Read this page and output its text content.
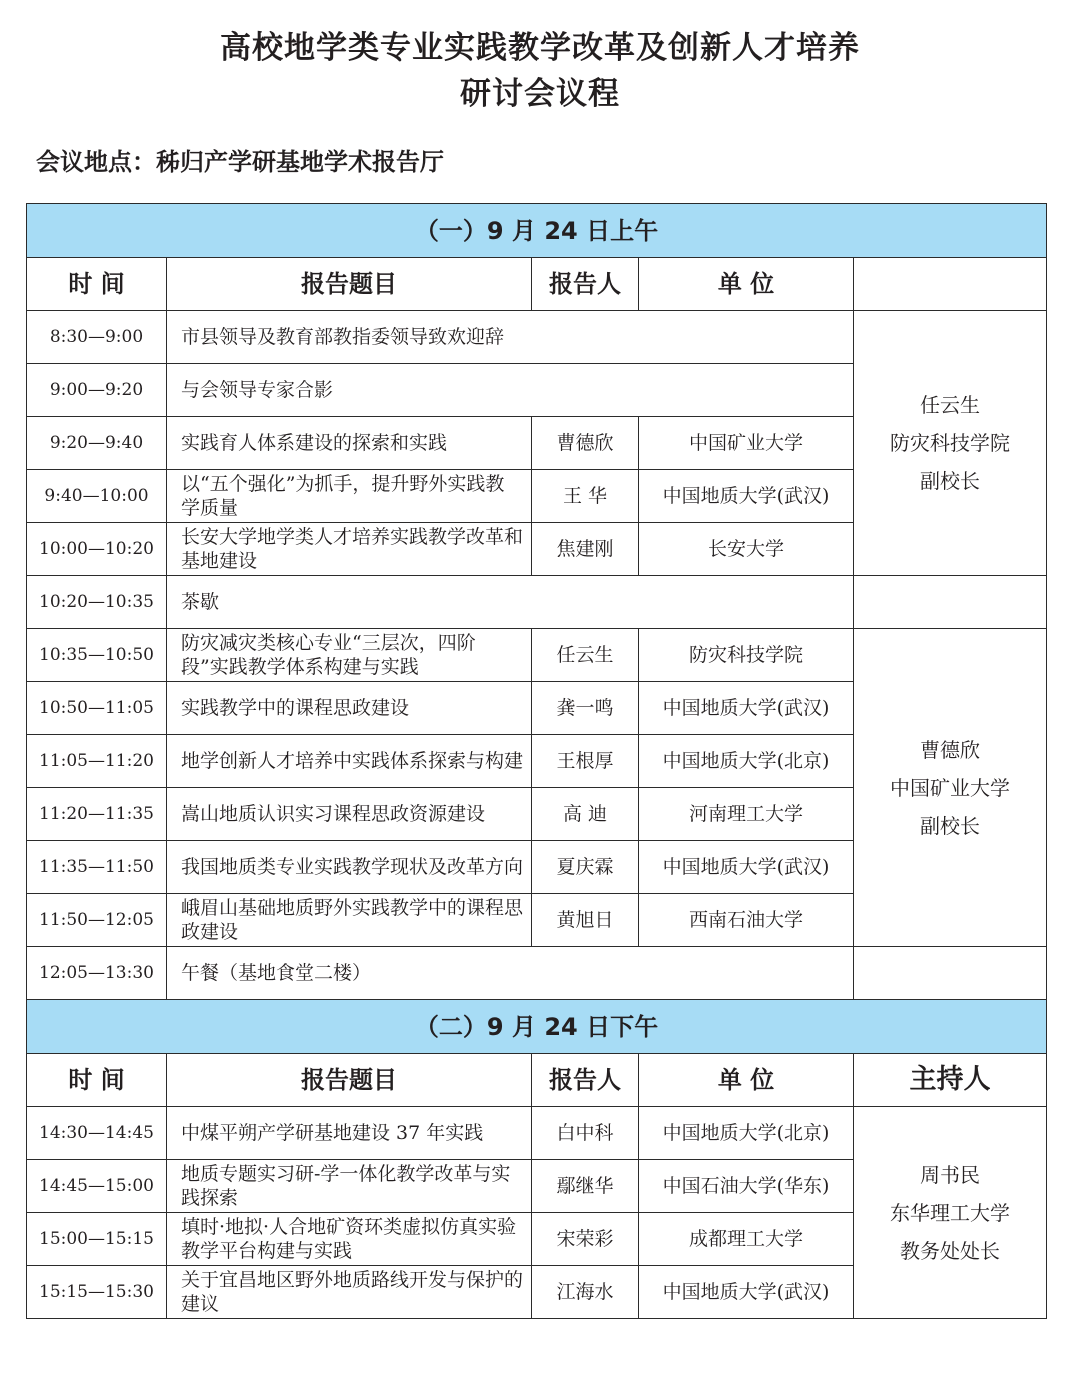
高校地学类专业实践教学改革及创新人才培养
研讨会议程
会议地点：秭归产学研基地学术报告厅
（一）9 月 24 日上午				
时 间	报告题目	报告人	单 位	
8:30—9:00	市县领导及教育部教指委领导致欢迎辞			任云生
防灾科技学院
副校长

9:00—9:20	与会领导专家合影			
9:20—9:40	实践育人体系建设的探索和实践	曹德欣	中国矿业大学	
9:40—10:00	以“五个强化”为抓手，提升野外实践教学质量	王 华	中国地质大学(武汉)	
10:00—10:20	长安大学地学类人才培养实践教学改革和基地建设	焦建刚	长安大学	
10:20—10:35	茶歇			
10:35—10:50	防灾减灾类核心专业“三层次，四阶段”实践教学体系构建与实践	任云生	防灾科技学院	曹德欣
中国矿业大学
副校长

10:50—11:05	实践教学中的课程思政建设	龚一鸣	中国地质大学(武汉)	
11:05—11:20	地学创新人才培养中实践体系探索与构建	王根厚	中国地质大学(北京)	
11:20—11:35	嵩山地质认识实习课程思政资源建设	高 迪	河南理工大学	
11:35—11:50	我国地质类专业实践教学现状及改革方向	夏庆霖	中国地质大学(武汉)	
11:50—12:05	峨眉山基础地质野外实践教学中的课程思政建设	黄旭日	西南石油大学	
12:05—13:30	午餐（基地食堂二楼）			
（二）9 月 24 日下午				
时 间	报告题目	报告人	单 位	主持人
14:30—14:45	中煤平朔产学研基地建设 37 年实践	白中科	中国地质大学(北京)	周书民
东华理工大学
教务处处长

14:45—15:00	地质专题实习研-学一体化教学改革与实践探索	鄢继华	中国石油大学(华东)	
15:00—15:15	填时·地拟·人合地矿资环类虚拟仿真实验教学平台构建与实践	宋荣彩	成都理工大学	
15:15—15:30	关于宜昌地区野外地质路线开发与保护的建议	江海水	中国地质大学(武汉)	
